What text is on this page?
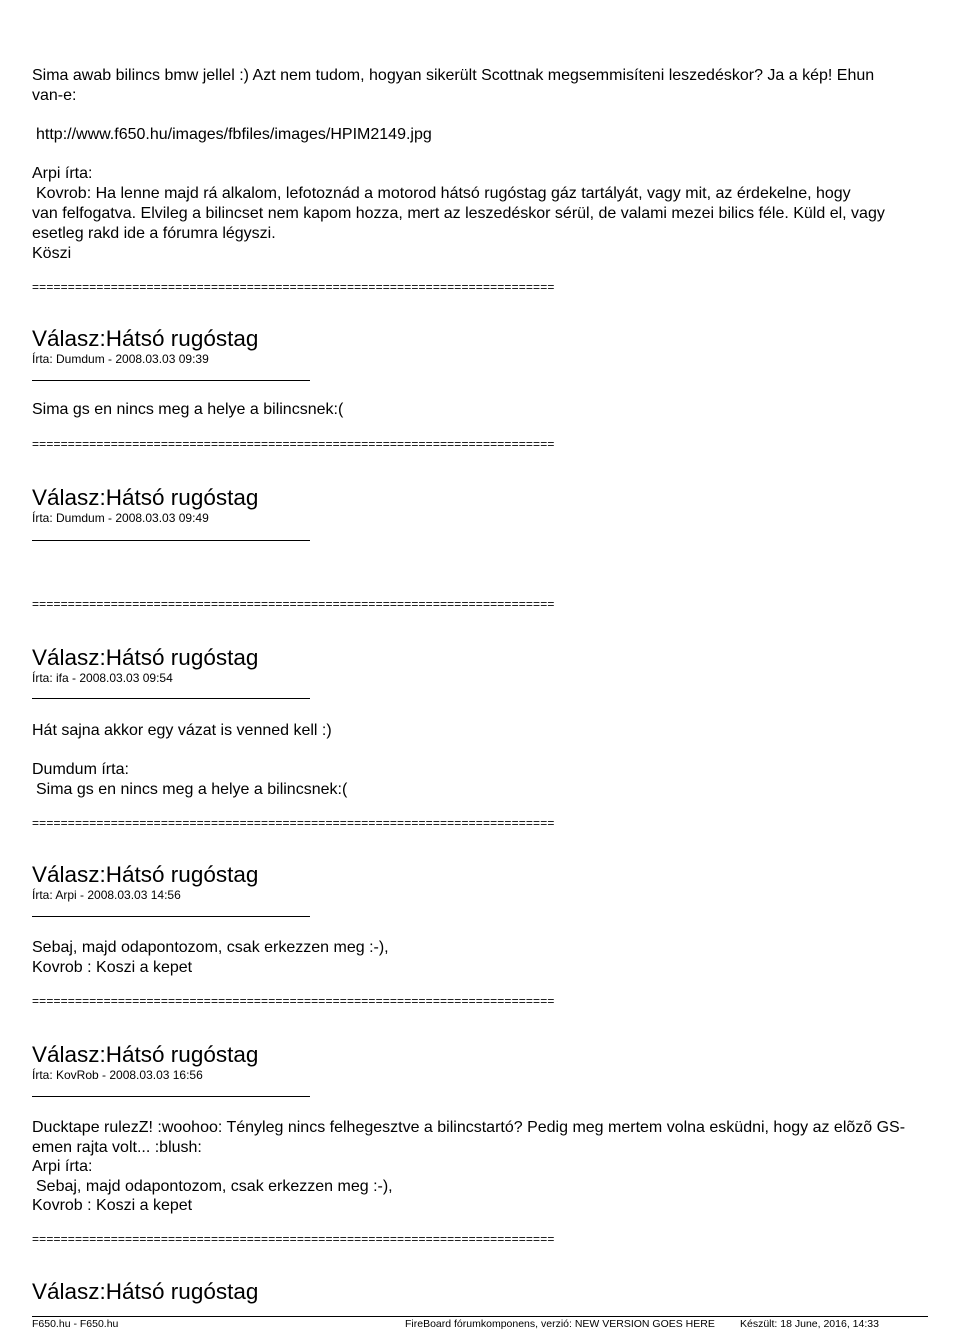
Sima awab bilincs bmw jellel :) Azt nem tudom, hogyan sikerült Scottnak megsemmisíteni leszedéskor? Ja a kép! Ehun
van-e:
http://www.f650.hu/images/fbfiles/images/HPIM2149.jpg
Arpi írta:
Kovrob: Ha lenne majd rá alkalom, lefotoznád a motorod hátsó rugóstag gáz tartályát, vagy mit, az érdekelne, hogy
van felfogatva. Elvileg a bilincset nem kapom hozza, mert az leszedéskor sérül, de valami mezei bilics féle. Küld el, vagy
esetleg rakd ide a fórumra légyszi.
Köszi
=========================================================================
Válasz:Hátsó rugóstag
Írta: Dumdum - 2008.03.03 09:39
Sima gs en nincs meg a helye a bilincsnek:(
=========================================================================
Válasz:Hátsó rugóstag
Írta: Dumdum - 2008.03.03 09:49
=========================================================================
Válasz:Hátsó rugóstag
Írta: ifa - 2008.03.03 09:54
Hát sajna akkor egy vázat is venned kell :)
Dumdum írta:
Sima gs en nincs meg a helye a bilincsnek:(
=========================================================================
Válasz:Hátsó rugóstag
Írta: Arpi - 2008.03.03 14:56
Sebaj, majd odapontozom, csak erkezzen meg :-),
Kovrob : Koszi a kepet
=========================================================================
Válasz:Hátsó rugóstag
Írta: KovRob - 2008.03.03 16:56
Ducktape rulezZ! :woohoo: Tényleg nincs felhegesztve a bilincstartó? Pedig meg mertem volna esküdni, hogy az elõzõ GS-
emen rajta volt... :blush:
Arpi írta:
Sebaj, majd odapontozom, csak erkezzen meg :-),
Kovrob : Koszi a kepet
=========================================================================
Válasz:Hátsó rugóstag
F650.hu - F650.hu	FireBoard fórumkomponens, verzió: NEW VERSION GOES HERE Készült: 18 June, 2016, 14:33
